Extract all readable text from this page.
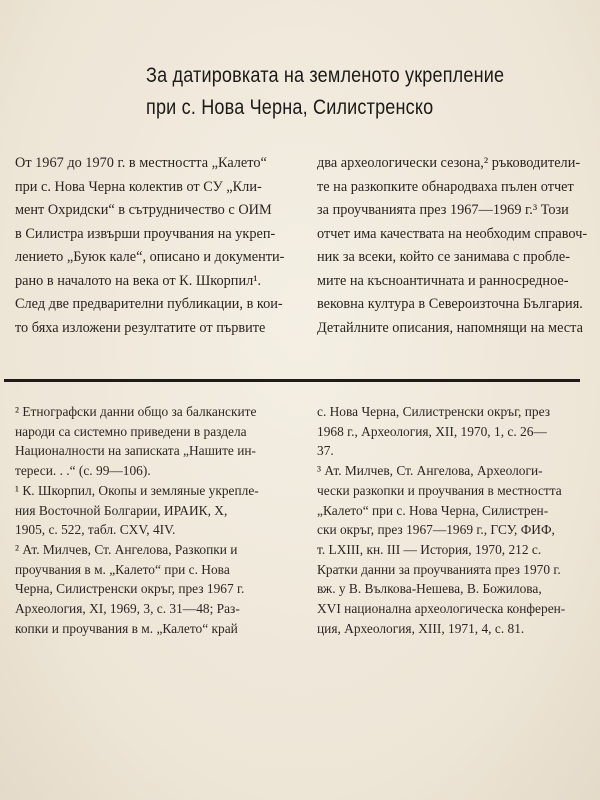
За датировката на земленото укрепление
при с. Нова Черна, Силистренско
От 1967 до 1970 г. в местността „Калето“
при с. Нова Черна колектив от СУ „Кли-
мент Охридски“ в сътрудничество с ОИМ
в Силистра извърши проучвания на укреп-
лението „Буюк кале“, описано и документи-
рано в началото на века от К. Шкорпил¹.
След две предварителни публикации, в кои-
то бяха изложени резултатите от първите
два археологически сезона,² ръководители-
те на разкопките обнародваха пълен отчет
за проучванията през 1967—1969 г.³ Този
отчет има качествата на необходим справоч-
ник за всеки, който се занимава с пробле-
мите на късноантичната и ранносредное-
вековна култура в Североизточна България.
Детайлните описания, напомнящи на места
² Етнографски данни общо за балканските
народи са системно приведени в раздела
Националности на записката „Нашите ин-
тереси. . .“ (с. 99—106).
¹ К. Шкорпил, Окопы и земляные укрепле-
ния Восточной Болгарии, ИРАИК, X,
1905, с. 522, табл. CXV, 4IV.
² Ат. Милчев, Ст. Ангелова, Разкопки и
проучвания в м. „Калето“ при с. Нова
Черна, Силистренски окръг, през 1967 г.
Археология, XI, 1969, 3, с. 31—48; Раз-
копки и проучвания в м. „Калето“ край
с. Нова Черна, Силистренски окръг, през
1968 г., Археология, XII, 1970, 1, с. 26—
37.
³ Ат. Милчев, Ст. Ангелова, Археологи-
чески разкопки и проучвания в местността
„Калето“ при с. Нова Черна, Силистрен-
ски окръг, през 1967—1969 г., ГСУ, ФИФ,
т. LXIII, кн. III — История, 1970, 212 с.
Кратки данни за проучванията през 1970 г.
вж. у В. Вълкова-Нешева, В. Божилова,
XVI национална археологическа конферен-
ция, Археология, XIII, 1971, 4, с. 81.
